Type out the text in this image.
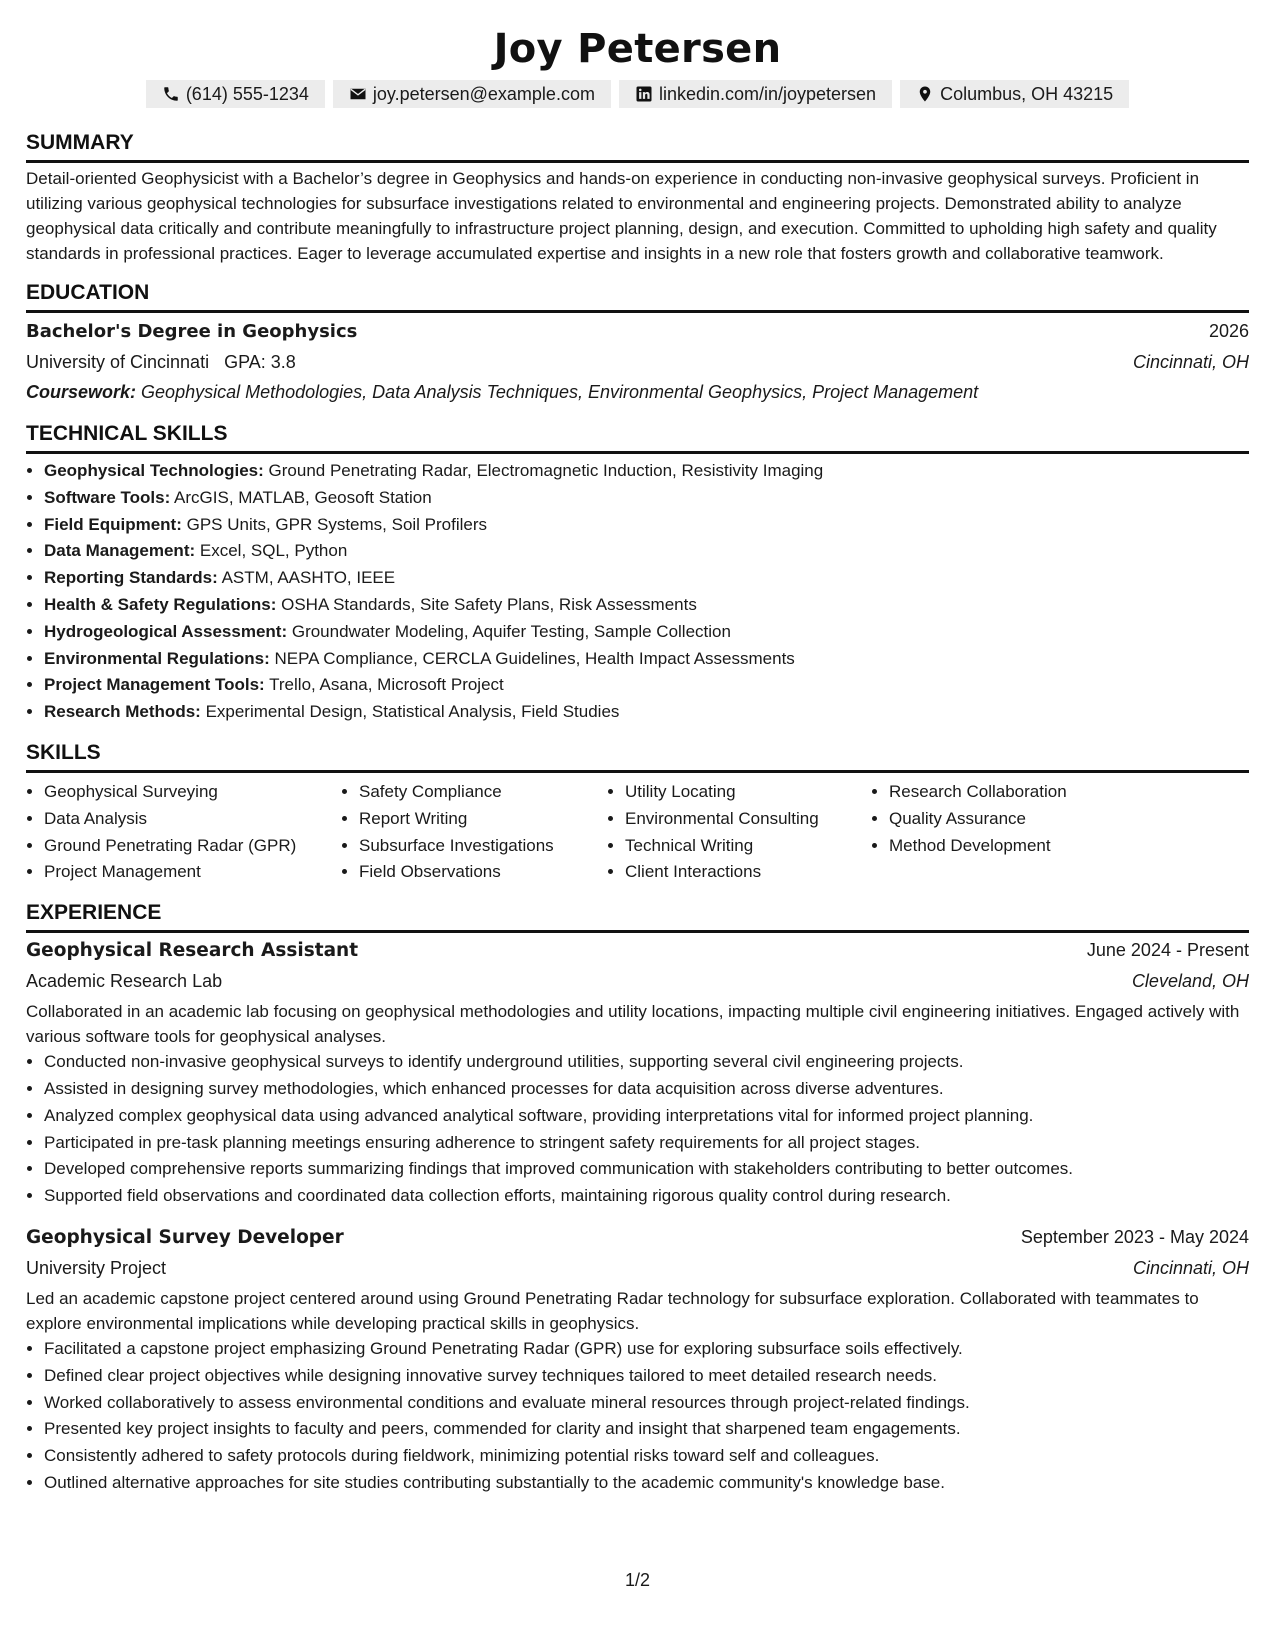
Joy Petersen
(614) 555-1234	joy.petersen@example.com	linkedin.com/in/joypetersen	Columbus, OH 43215
SUMMARY

Detail-oriented Geophysicist with a Bachelor’s degree in Geophysics and hands-on experience in conducting non-invasive geophysical surveys. Proficient in utilizing various geophysical technologies for subsurface investigations related to environmental and engineering projects. Demonstrated ability to analyze geophysical data critically and contribute meaningfully to infrastructure project planning, design, and execution. Committed to upholding high safety and quality standards in professional practices. Eager to leverage accumulated expertise and insights in a new role that fosters growth and collaborative teamwork.

EDUCATION
Bachelor's Degree in Geophysics	2026
University of Cincinnati GPA: 3.8	Cincinnati, OH
Coursework: Geophysical Methodologies, Data Analysis Techniques, Environmental Geophysics, Project Management
TECHNICAL SKILLS
• Geophysical Technologies: Ground Penetrating Radar, Electromagnetic Induction, Resistivity Imaging
• Software Tools: ArcGIS, MATLAB, Geosoft Station
• Field Equipment: GPS Units, GPR Systems, Soil Profilers
• Data Management: Excel, SQL, Python
• Reporting Standards: ASTM, AASHTO, IEEE
• Health & Safety Regulations: OSHA Standards, Site Safety Plans, Risk Assessments
• Hydrogeological Assessment: Groundwater Modeling, Aquifer Testing, Sample Collection
• Environmental Regulations: NEPA Compliance, CERCLA Guidelines, Health Impact Assessments
• Project Management Tools: Trello, Asana, Microsoft Project
• Research Methods: Experimental Design, Statistical Analysis, Field Studies
SKILLS
• Geophysical Surveying
• Data Analysis
• Ground Penetrating Radar (GPR)
• Project Management
• Safety Compliance
• Report Writing
• Subsurface Investigations
• Field Observations
• Utility Locating
• Environmental Consulting
• Technical Writing
• Client Interactions
• Research Collaboration
• Quality Assurance
• Method Development
EXPERIENCE
Geophysical Research Assistant	June 2024 - Present
Academic Research Lab	Cleveland, OH

Collaborated in an academic lab focusing on geophysical methodologies and utility locations, impacting multiple civil engineering initiatives. Engaged actively with various software tools for geophysical analyses.

• Conducted non-invasive geophysical surveys to identify underground utilities, supporting several civil engineering projects.
• Assisted in designing survey methodologies, which enhanced processes for data acquisition across diverse adventures.
• Analyzed complex geophysical data using advanced analytical software, providing interpretations vital for informed project planning.
• Participated in pre-task planning meetings ensuring adherence to stringent safety requirements for all project stages.
• Developed comprehensive reports summarizing findings that improved communication with stakeholders contributing to better outcomes.
• Supported field observations and coordinated data collection efforts, maintaining rigorous quality control during research.
Geophysical Survey Developer	September 2023 - May 2024
University Project	Cincinnati, OH

Led an academic capstone project centered around using Ground Penetrating Radar technology for subsurface exploration. Collaborated with teammates to explore environmental implications while developing practical skills in geophysics.

• Facilitated a capstone project emphasizing Ground Penetrating Radar (GPR) use for exploring subsurface soils effectively.
• Defined clear project objectives while designing innovative survey techniques tailored to meet detailed research needs.
• Worked collaboratively to assess environmental conditions and evaluate mineral resources through project-related findings.
• Presented key project insights to faculty and peers, commended for clarity and insight that sharpened team engagements.
• Consistently adhered to safety protocols during fieldwork, minimizing potential risks toward self and colleagues.
• Outlined alternative approaches for site studies contributing substantially to the academic community's knowledge base.
1/2
